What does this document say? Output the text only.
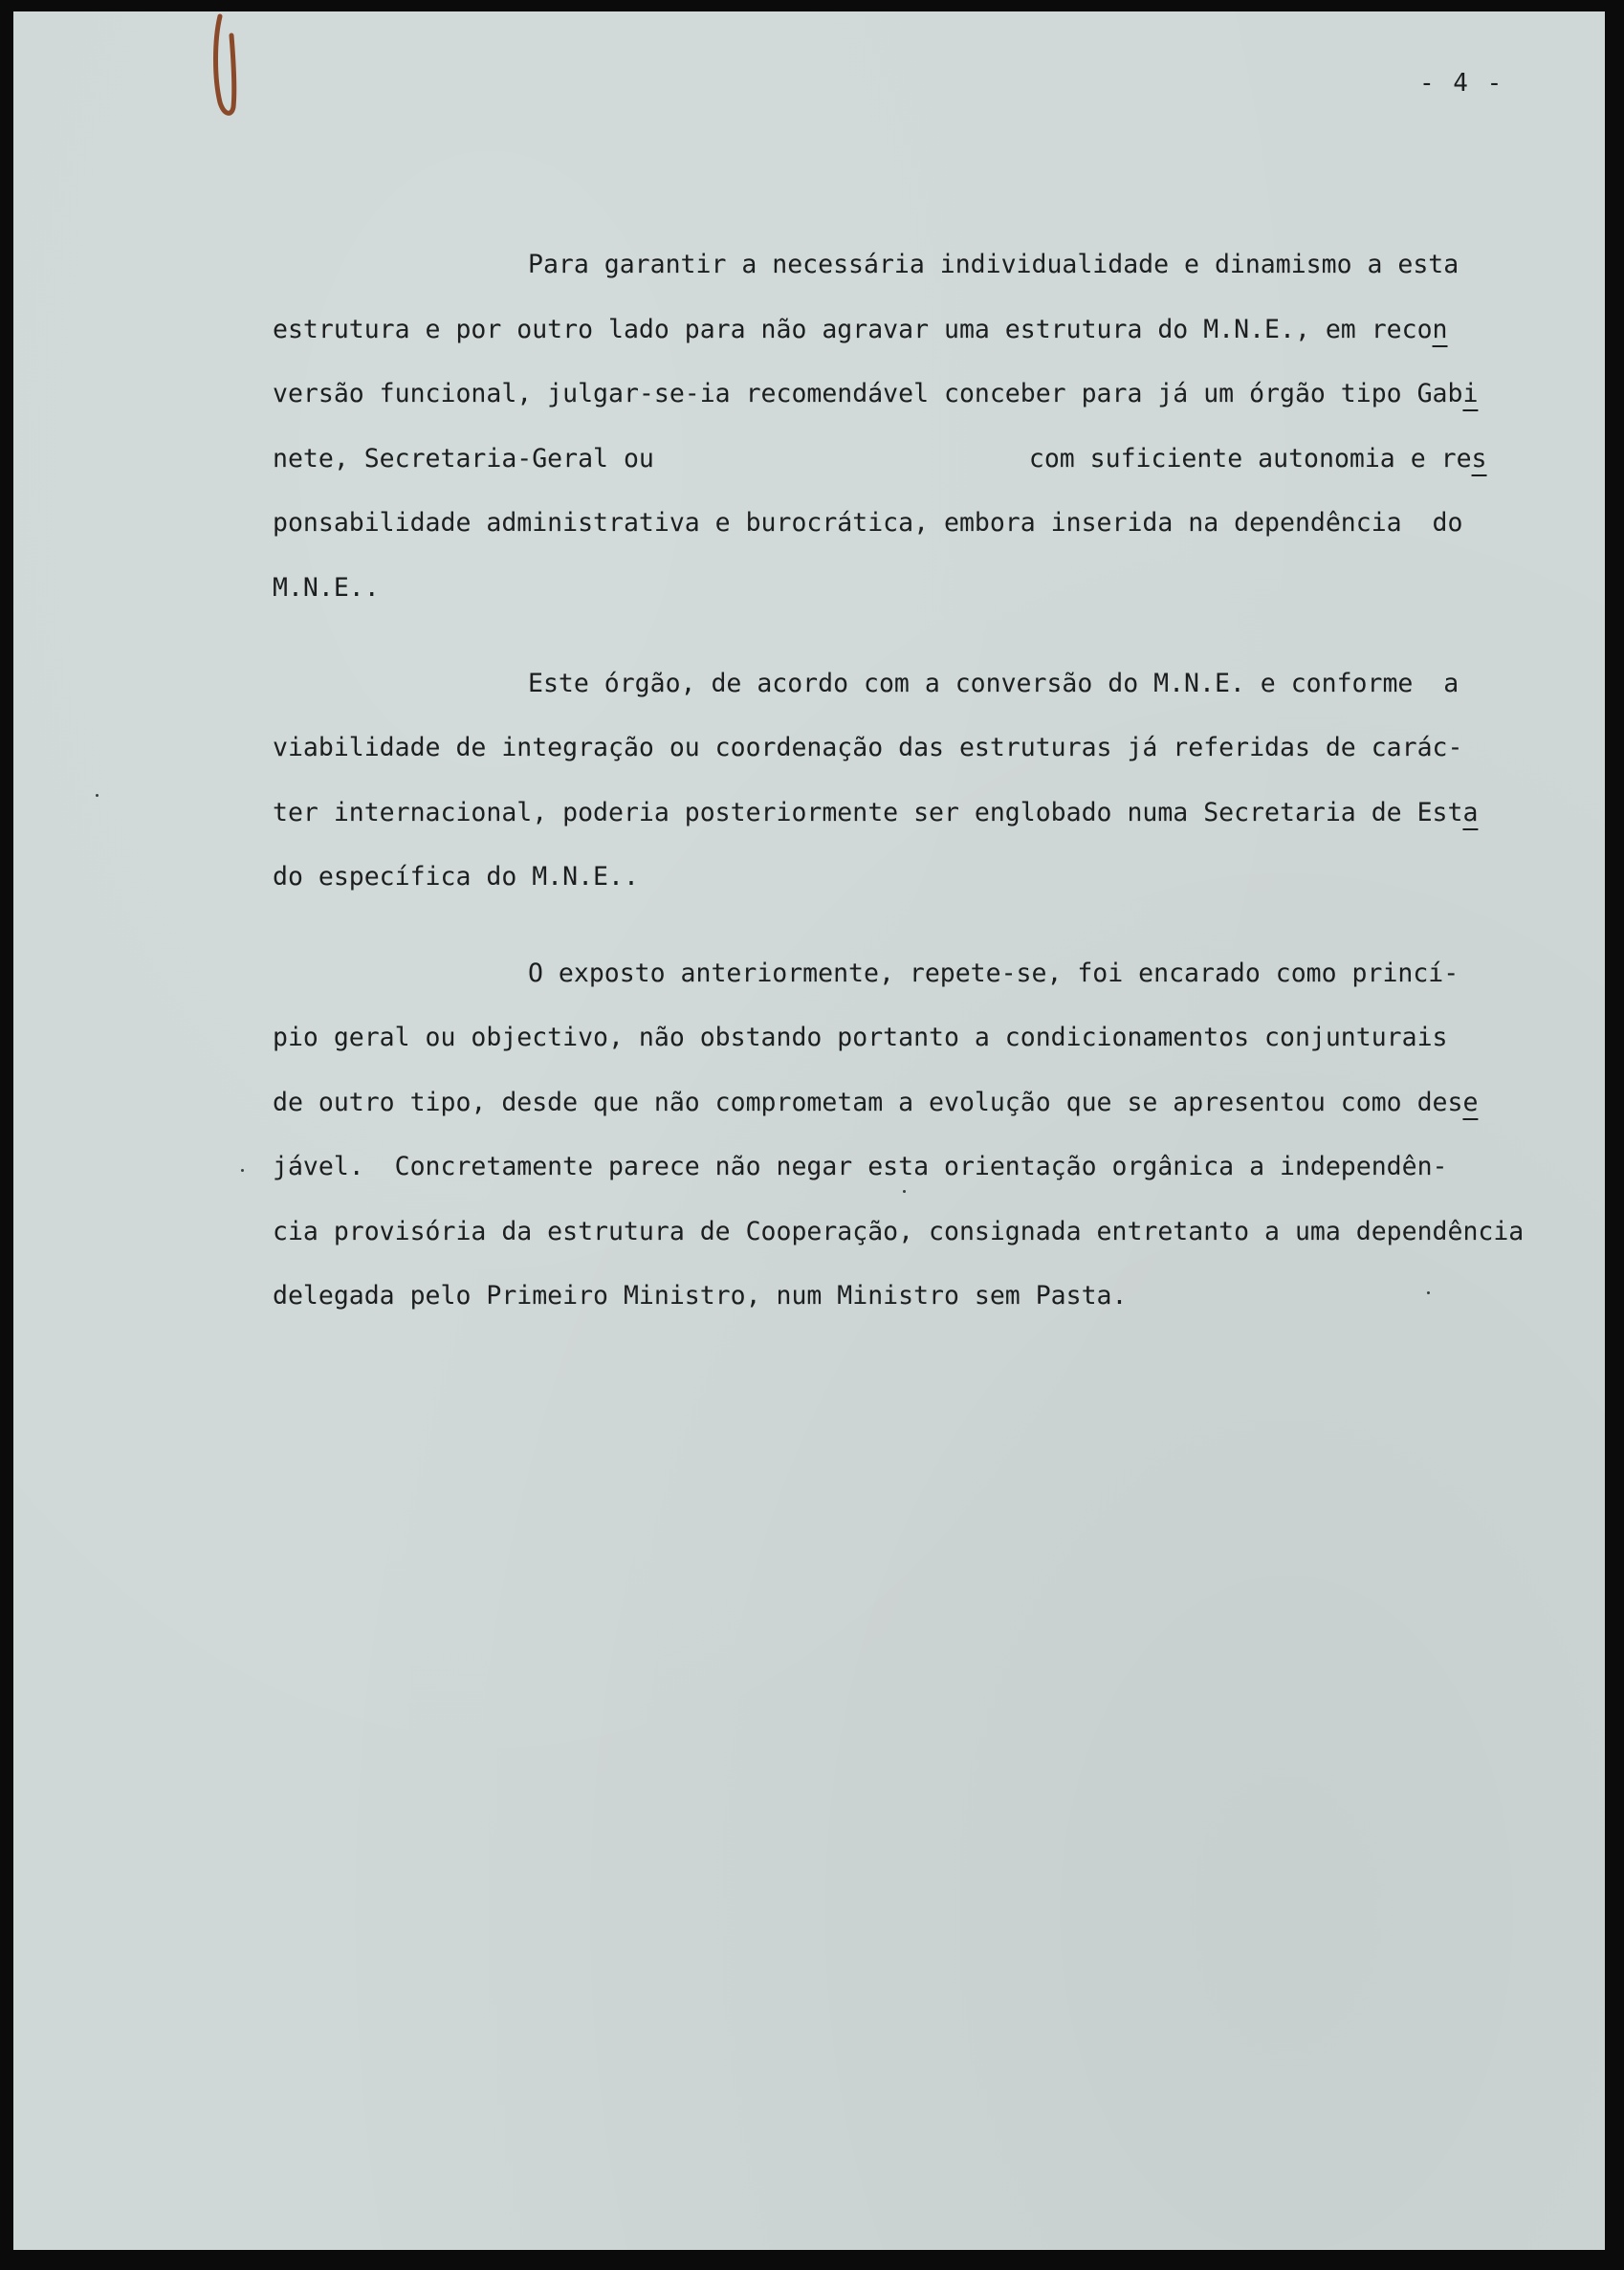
- 4 -
Para garantir a necessária individualidade e dinamismo a esta
estrutura e por outro lado para não agravar uma estrutura do M.N.E., em recon
versão funcional, julgar-se-ia recomendável conceber para já um órgão tipo Gabi
nete, Secretaria-Geral ou	com suficiente autonomia e res
ponsabilidade administrativa e burocrática, embora inserida na dependência  do
M.N.E..
Este órgão, de acordo com a conversão do M.N.E. e conforme  a
viabilidade de integração ou coordenação das estruturas já referidas de carác-
ter internacional, poderia posteriormente ser englobado numa Secretaria de Esta
do específica do M.N.E..
O exposto anteriormente, repete-se, foi encarado como princí-
pio geral ou objectivo, não obstando portanto a condicionamentos conjunturais
de outro tipo, desde que não comprometam a evolução que se apresentou como dese
jável.  Concretamente parece não negar esta orientação orgânica a independên-
cia provisória da estrutura de Cooperação, consignada entretanto a uma dependência
delegada pelo Primeiro Ministro, num Ministro sem Pasta.
